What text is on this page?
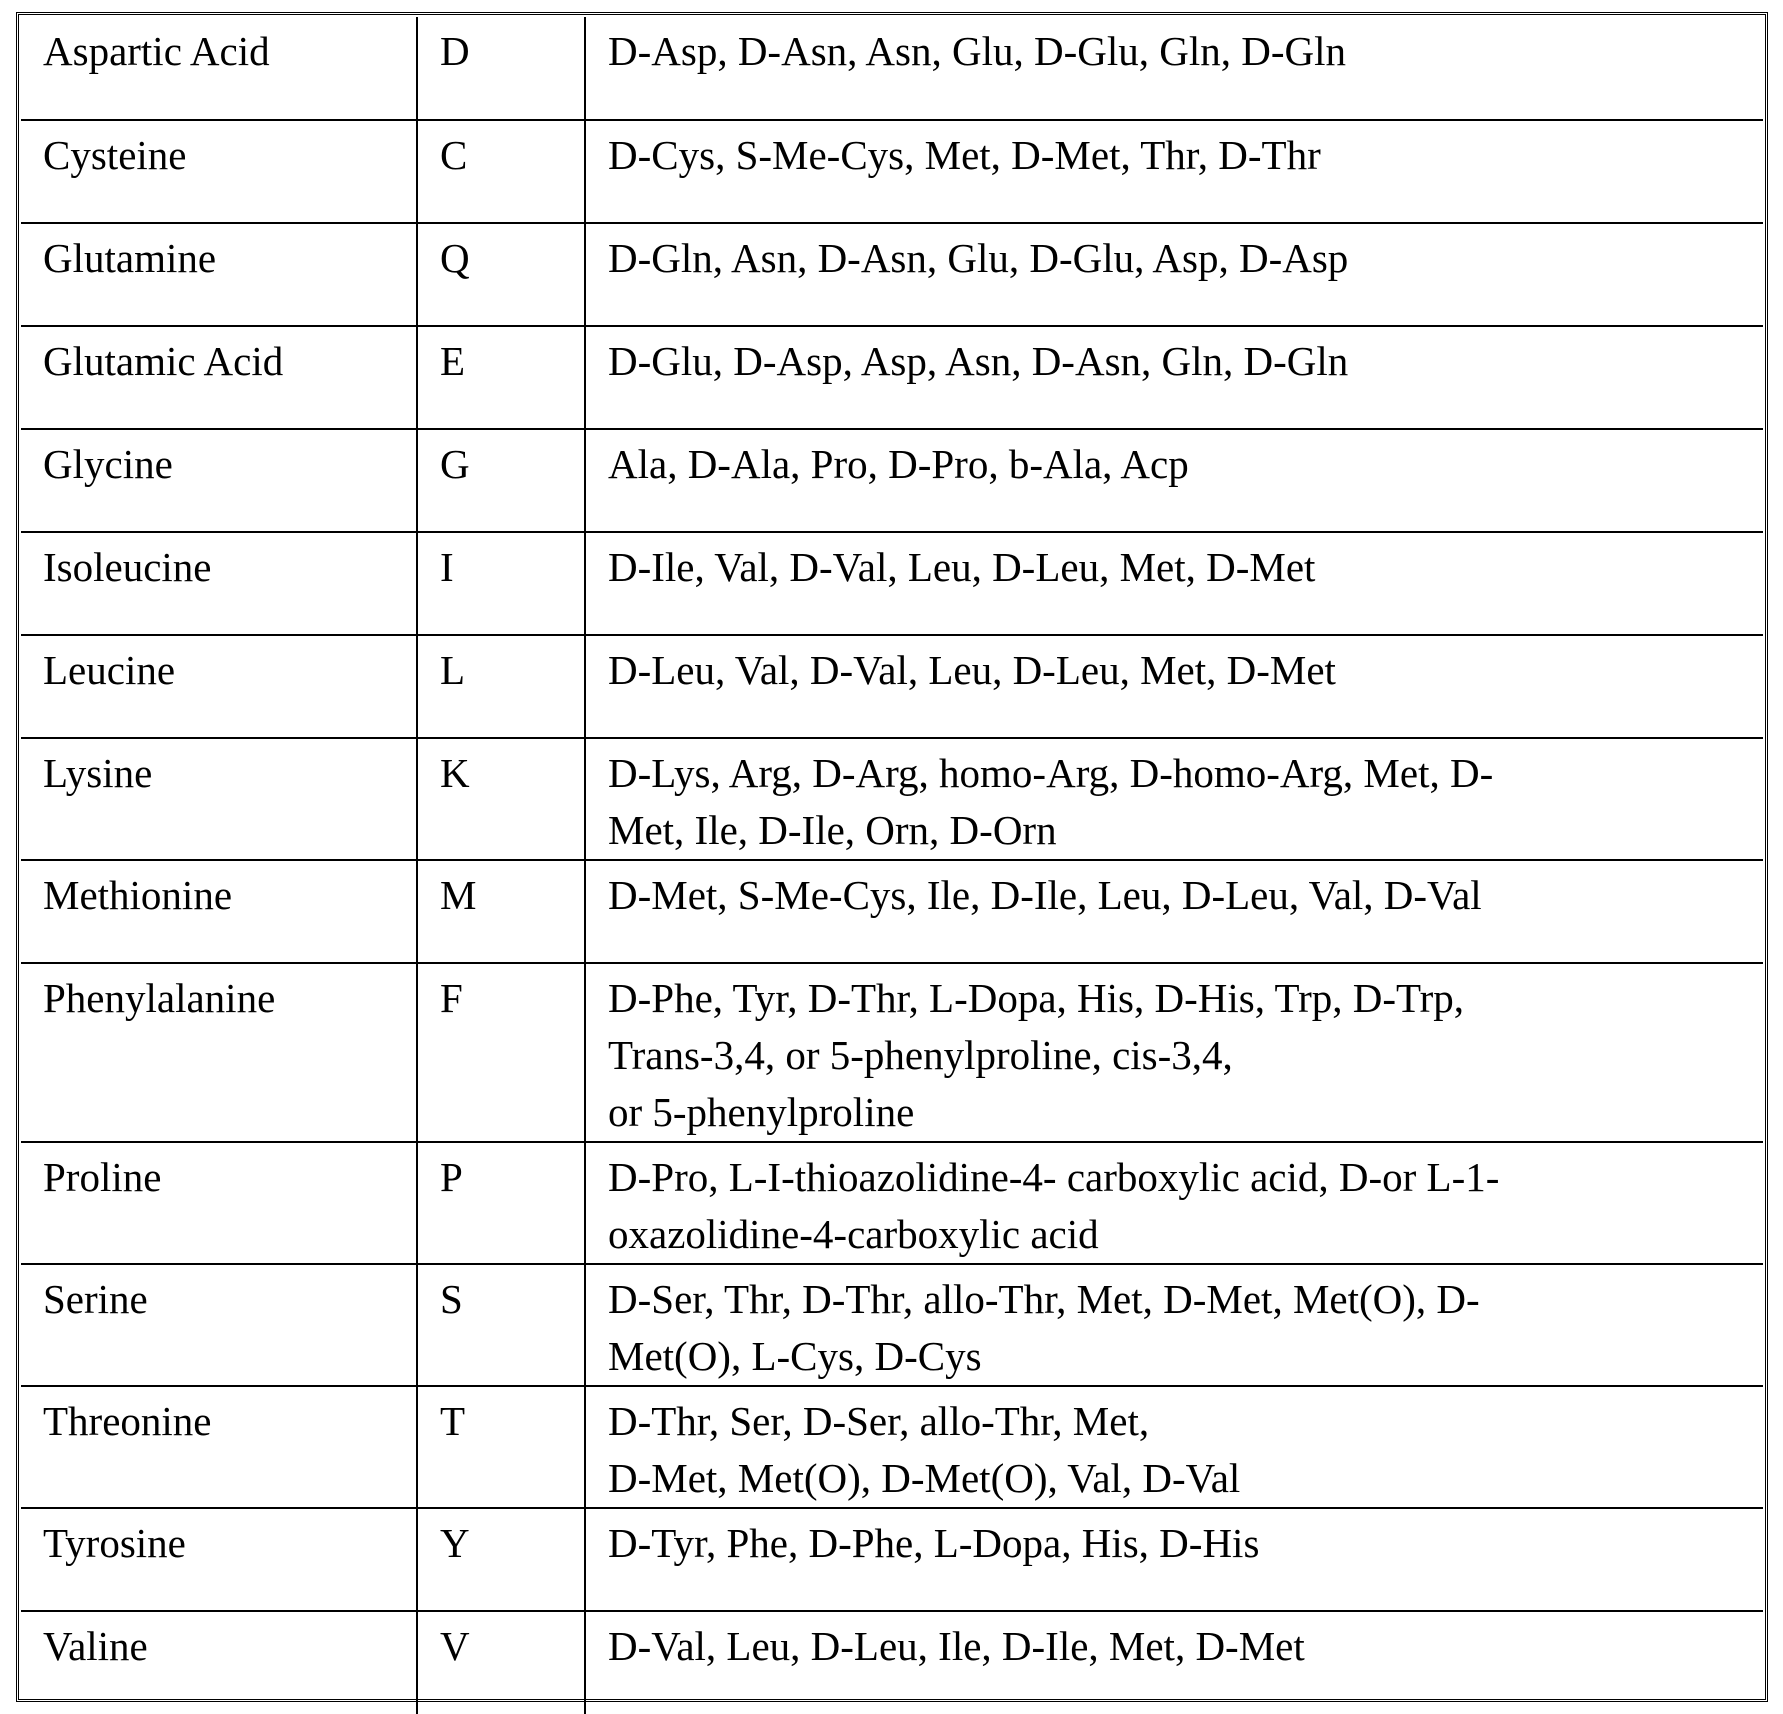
Aspartic Acid	D	D-Asp, D-Asn, Asn, Glu, D-Glu, Gln, D-Gln
Cysteine	C	D-Cys, S-Me-Cys, Met, D-Met, Thr, D-Thr
Glutamine	Q	D-Gln, Asn, D-Asn, Glu, D-Glu, Asp, D-Asp
Glutamic Acid	E	D-Glu, D-Asp, Asp, Asn, D-Asn, Gln, D-Gln
Glycine	G	Ala, D-Ala, Pro, D-Pro, b-Ala, Acp
Isoleucine	I	D-Ile, Val, D-Val, Leu, D-Leu, Met, D-Met
Leucine	L	D-Leu, Val, D-Val, Leu, D-Leu, Met, D-Met
Lysine	K	D-Lys, Arg, D-Arg, homo-Arg, D-homo-Arg, Met, D-
Met, Ile, D-Ile, Orn, D-Orn

Methionine	M	D-Met, S-Me-Cys, Ile, D-Ile, Leu, D-Leu, Val, D-Val
Phenylalanine	F	D-Phe, Tyr, D-Thr, L-Dopa, His, D-His, Trp, D-Trp,
Trans-3,4, or 5-phenylproline, cis-3,4,
or 5-phenylproline

Proline	P	D-Pro, L-I-thioazolidine-4- carboxylic acid, D-or L-1-
oxazolidine-4-carboxylic acid

Serine	S	D-Ser, Thr, D-Thr, allo-Thr, Met, D-Met, Met(O), D-
Met(O), L-Cys, D-Cys

Threonine	T	D-Thr, Ser, D-Ser, allo-Thr, Met,
D-Met, Met(O), D-Met(O), Val, D-Val

Tyrosine	Y	D-Tyr, Phe, D-Phe, L-Dopa, His, D-His
Valine	V	D-Val, Leu, D-Leu, Ile, D-Ile, Met, D-Met
